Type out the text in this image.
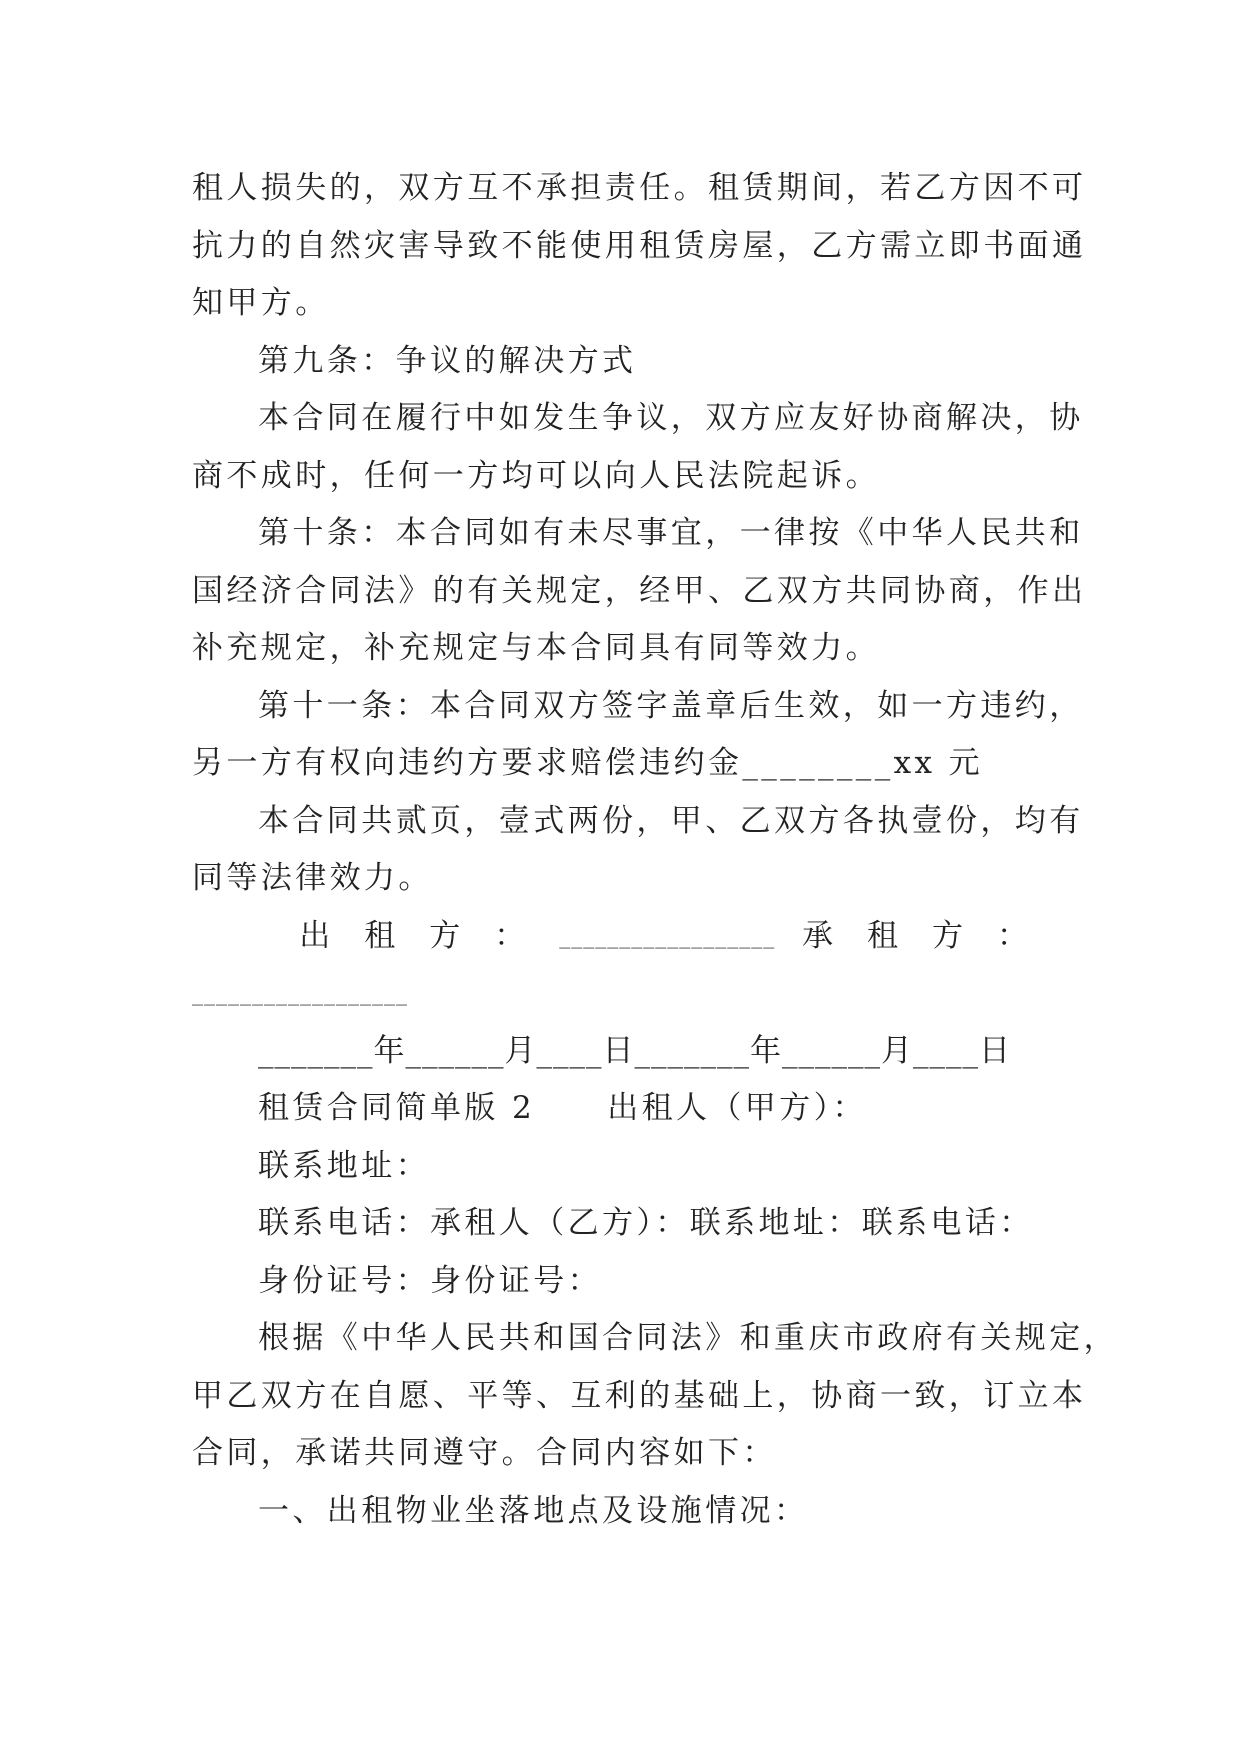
租人损失的，双方互不承担责任。租赁期间，若乙方因不可
抗力的自然灾害导致不能使用租赁房屋，乙方需立即书面通
知甲方。
第九条：争议的解决方式
本合同在履行中如发生争议，双方应友好协商解决，协
商不成时，任何一方均可以向人民法院起诉。
第十条：本合同如有未尽事宜，一律按《中华人民共和
国经济合同法》的有关规定，经甲、乙双方共同协商，作出
补充规定，补充规定与本合同具有同等效力。
第十一条：本合同双方签字盖章后生效，如一方违约，
另一方有权向违约方要求赔偿违约金________xx 元
本合同共贰页，壹式两份，甲、乙双方各执壹份，均有
同等法律效力。
出租方： __________________ 承租方：
__________________
_______年______月____日_______年______月____日
租赁合同简单版 2 出租人（甲方）：
联系地址：
联系电话：承租人（乙方）：联系地址：联系电话：
身份证号：身份证号：
根据《中华人民共和国合同法》和重庆市政府有关规定，
甲乙双方在自愿、平等、互利的基础上，协商一致，订立本
合同，承诺共同遵守。合同内容如下：
一、出租物业坐落地点及设施情况：
